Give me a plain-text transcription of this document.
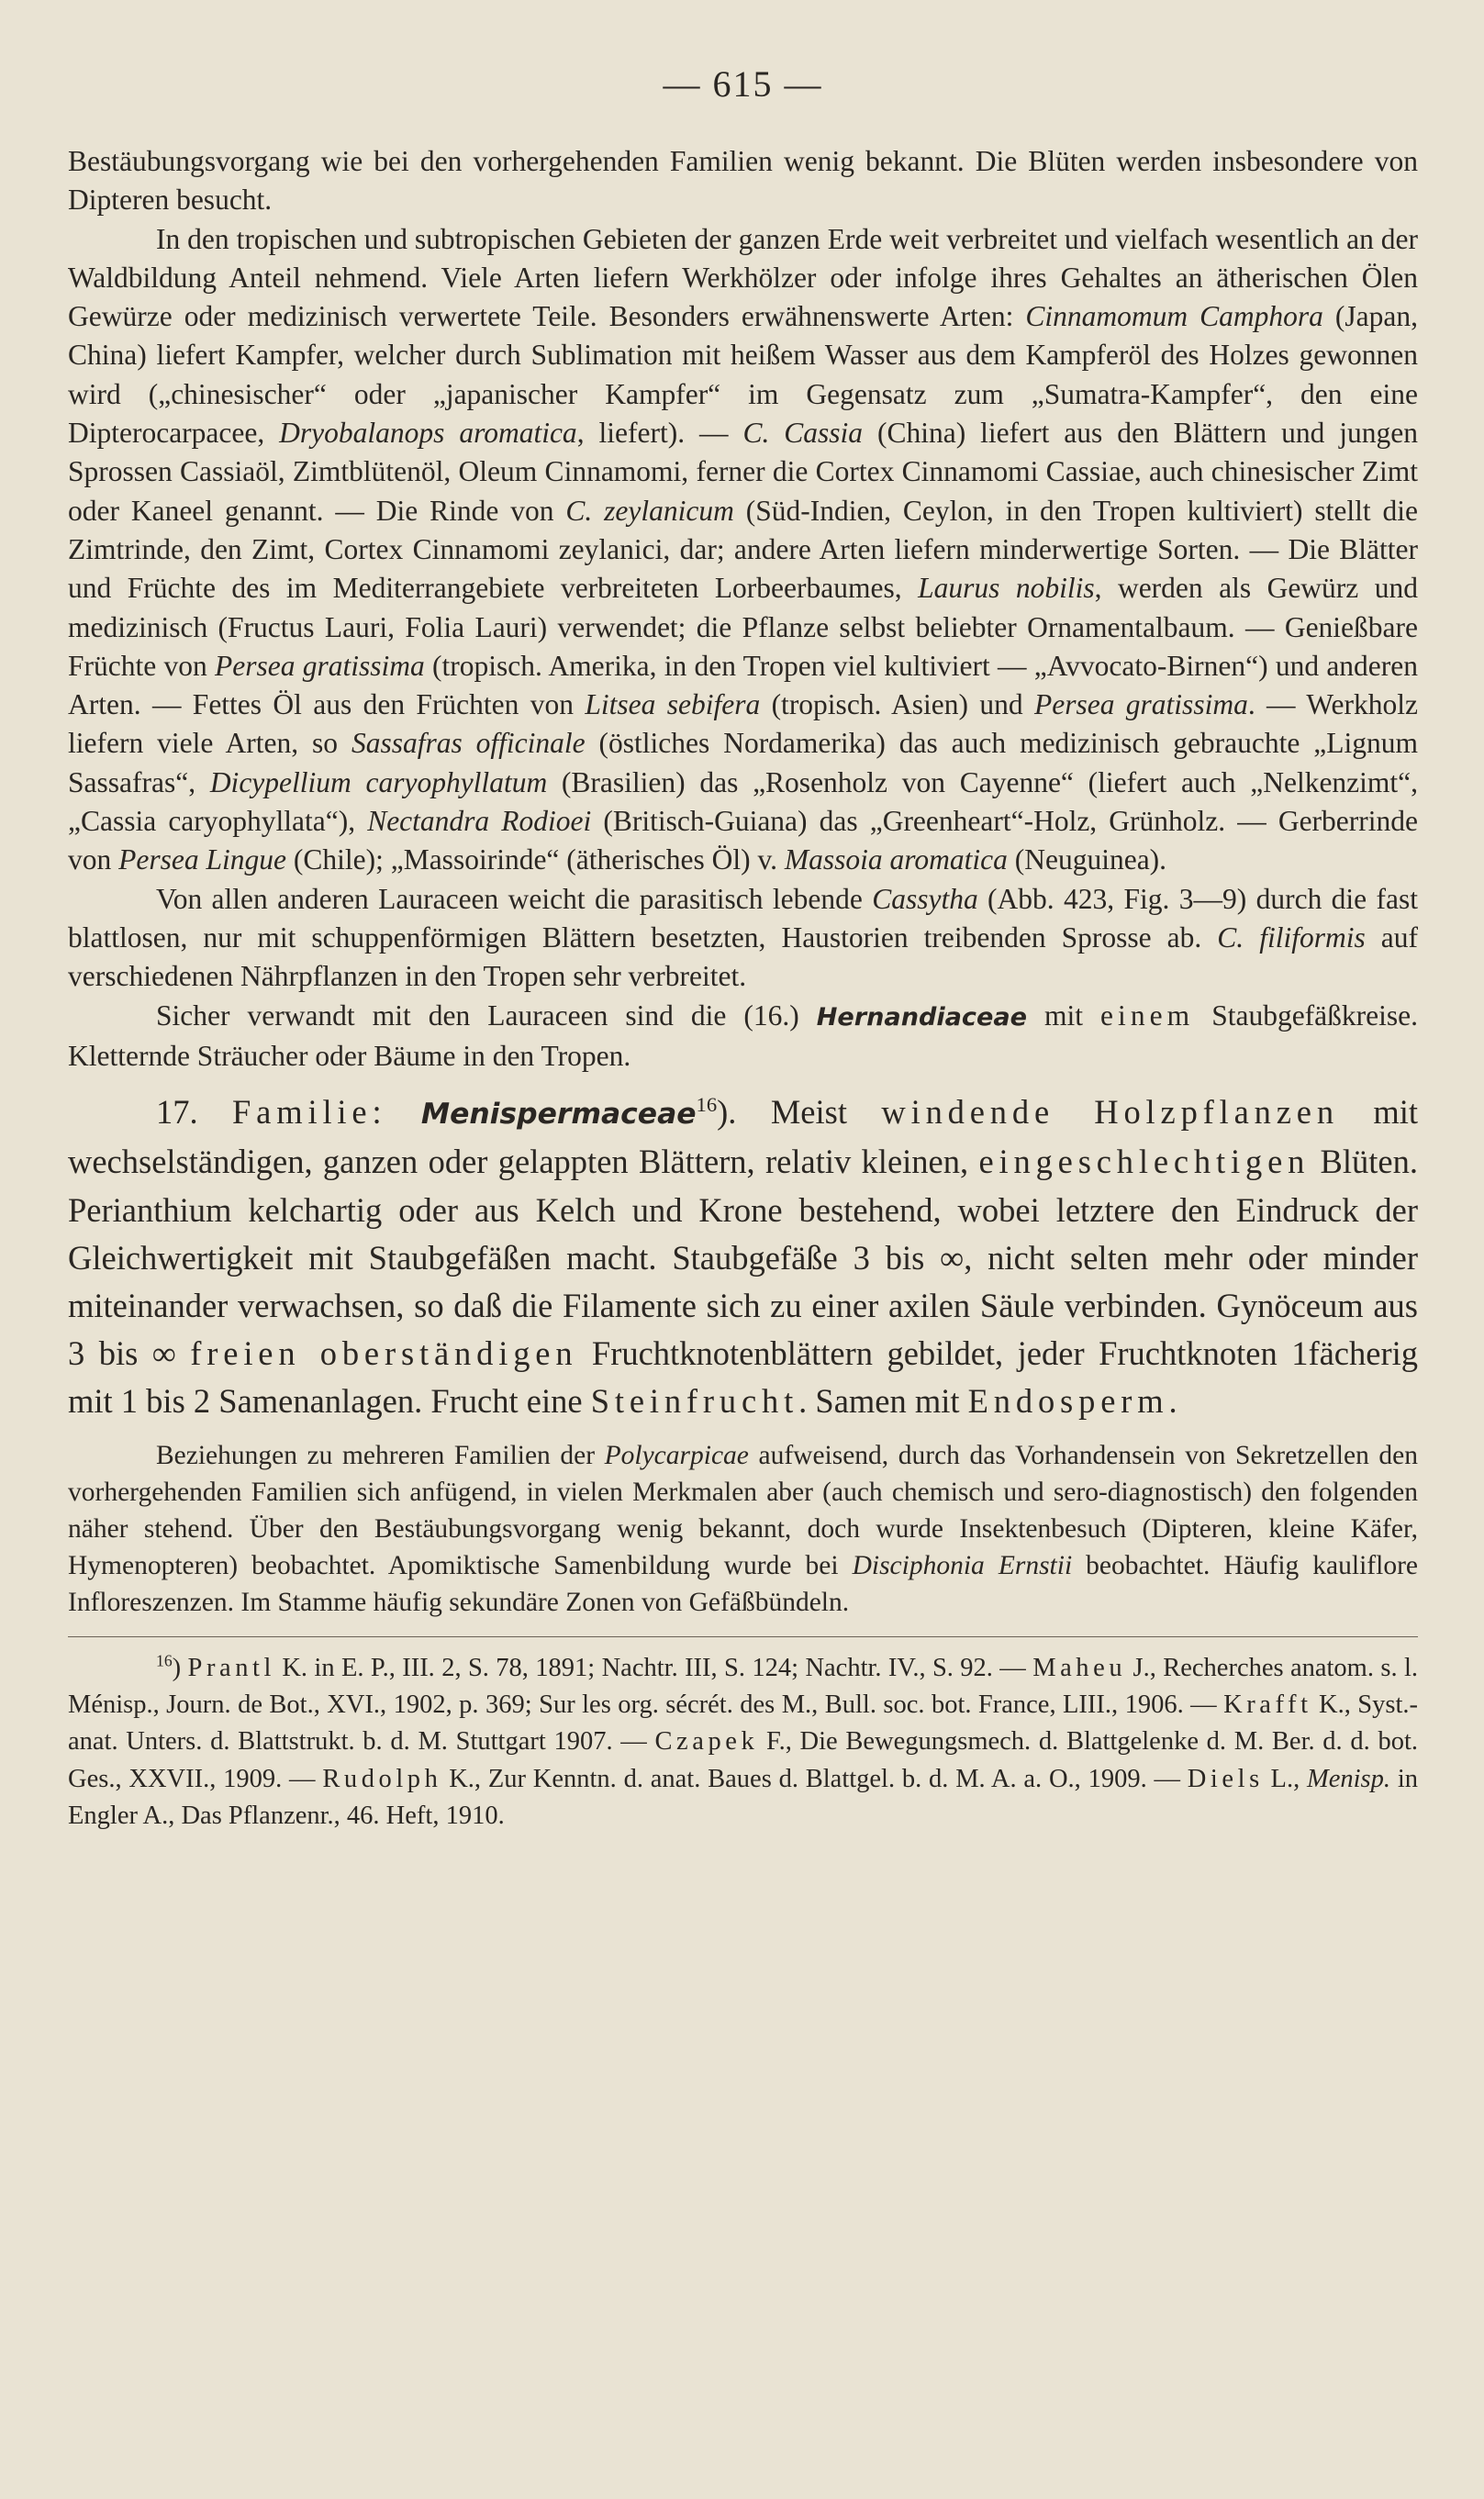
— 615 —

Bestäubungsvorgang wie bei den vorhergehenden Familien wenig bekannt. Die Blüten werden insbesondere von Dipteren besucht.

In den tropischen und subtropischen Gebieten der ganzen Erde weit verbreitet und vielfach wesentlich an der Waldbildung Anteil nehmend. Viele Arten liefern Werkhölzer oder infolge ihres Gehaltes an ätherischen Ölen Gewürze oder medizinisch verwertete Teile. Besonders erwähnenswerte Arten: Cinnamomum Camphora (Japan, China) liefert Kampfer, welcher durch Sublimation mit heißem Wasser aus dem Kampferöl des Holzes gewonnen wird („chinesischer“ oder „japanischer Kampfer“ im Gegensatz zum „Sumatra-Kampfer“, den eine Dipterocarpacee, Dryobalanops aromatica, liefert). — C. Cassia (China) liefert aus den Blättern und jungen Sprossen Cassiaöl, Zimtblütenöl, Oleum Cinnamomi, ferner die Cortex Cinnamomi Cassiae, auch chinesischer Zimt oder Kaneel genannt. — Die Rinde von C. zeylanicum (Süd-Indien, Ceylon, in den Tropen kultiviert) stellt die Zimtrinde, den Zimt, Cortex Cinnamomi zeylanici, dar; andere Arten liefern minderwertige Sorten. — Die Blätter und Früchte des im Mediterrangebiete verbreiteten Lorbeerbaumes, Laurus nobilis, werden als Gewürz und medizinisch (Fructus Lauri, Folia Lauri) verwendet; die Pflanze selbst beliebter Ornamentalbaum. — Genießbare Früchte von Persea gratissima (tropisch. Amerika, in den Tropen viel kultiviert — „Avvocato-Birnen“) und anderen Arten. — Fettes Öl aus den Früchten von Litsea sebifera (tropisch. Asien) und Persea gratissima. — Werkholz liefern viele Arten, so Sassafras officinale (östliches Nordamerika) das auch medizinisch gebrauchte „Lignum Sassafras“, Dicypellium caryophyllatum (Brasilien) das „Rosenholz von Cayenne“ (liefert auch „Nelkenzimt“, „Cassia caryophyllata“), Nectandra Rodioei (Britisch-Guiana) das „Greenheart“-Holz, Grünholz. — Gerberrinde von Persea Lingue (Chile); „Massoirinde“ (ätherisches Öl) v. Massoia aromatica (Neuguinea).

Von allen anderen Lauraceen weicht die parasitisch lebende Cassytha (Abb. 423, Fig. 3—9) durch die fast blattlosen, nur mit schuppenförmigen Blättern besetzten, Haustorien treibenden Sprosse ab. C. filiformis auf verschiedenen Nährpflanzen in den Tropen sehr verbreitet.

Sicher verwandt mit den Lauraceen sind die (16.) Hernandiaceae mit einem Staubgefäßkreise. Kletternde Sträucher oder Bäume in den Tropen.

17. Familie: Menispermaceae$^{16}$). Meist windende Holzpflanzen mit wechselständigen, ganzen oder gelappten Blättern, relativ kleinen, eingeschlechtigen Blüten. Perianthium kelchartig oder aus Kelch und Krone bestehend, wobei letztere den Eindruck der Gleichwertigkeit mit Staubgefäßen macht. Staubgefäße 3 bis ∞, nicht selten mehr oder minder miteinander verwachsen, so daß die Filamente sich zu einer axilen Säule verbinden. Gynöceum aus 3 bis ∞ freien oberständigen Fruchtknotenblättern gebildet, jeder Fruchtknoten 1fächerig mit 1 bis 2 Samenanlagen. Frucht eine Steinfrucht. Samen mit Endosperm.

Beziehungen zu mehreren Familien der Polycarpicae aufweisend, durch das Vorhandensein von Sekretzellen den vorhergehenden Familien sich anfügend, in vielen Merkmalen aber (auch chemisch und sero-diagnostisch) den folgenden näher stehend. Über den Bestäubungsvorgang wenig bekannt, doch wurde Insektenbesuch (Dipteren, kleine Käfer, Hymenopteren) beobachtet. Apomiktische Samenbildung wurde bei Disciphonia Ernstii beobachtet. Häufig kauliflore Infloreszenzen. Im Stamme häufig sekundäre Zonen von Gefäßbündeln.

$^{16}$) Prantl K. in E. P., III. 2, S. 78, 1891; Nachtr. III, S. 124; Nachtr. IV., S. 92. — Maheu J., Recherches anatom. s. l. Ménisp., Journ. de Bot., XVI., 1902, p. 369; Sur les org. sécrét. des M., Bull. soc. bot. France, LIII., 1906. — Krafft K., Syst.-anat. Unters. d. Blattstrukt. b. d. M. Stuttgart 1907. — Czapek F., Die Bewegungsmech. d. Blattgelenke d. M. Ber. d. d. bot. Ges., XXVII., 1909. — Rudolph K., Zur Kenntn. d. anat. Baues d. Blattgel. b. d. M. A. a. O., 1909. — Diels L., Menisp. in Engler A., Das Pflanzenr., 46. Heft, 1910.
